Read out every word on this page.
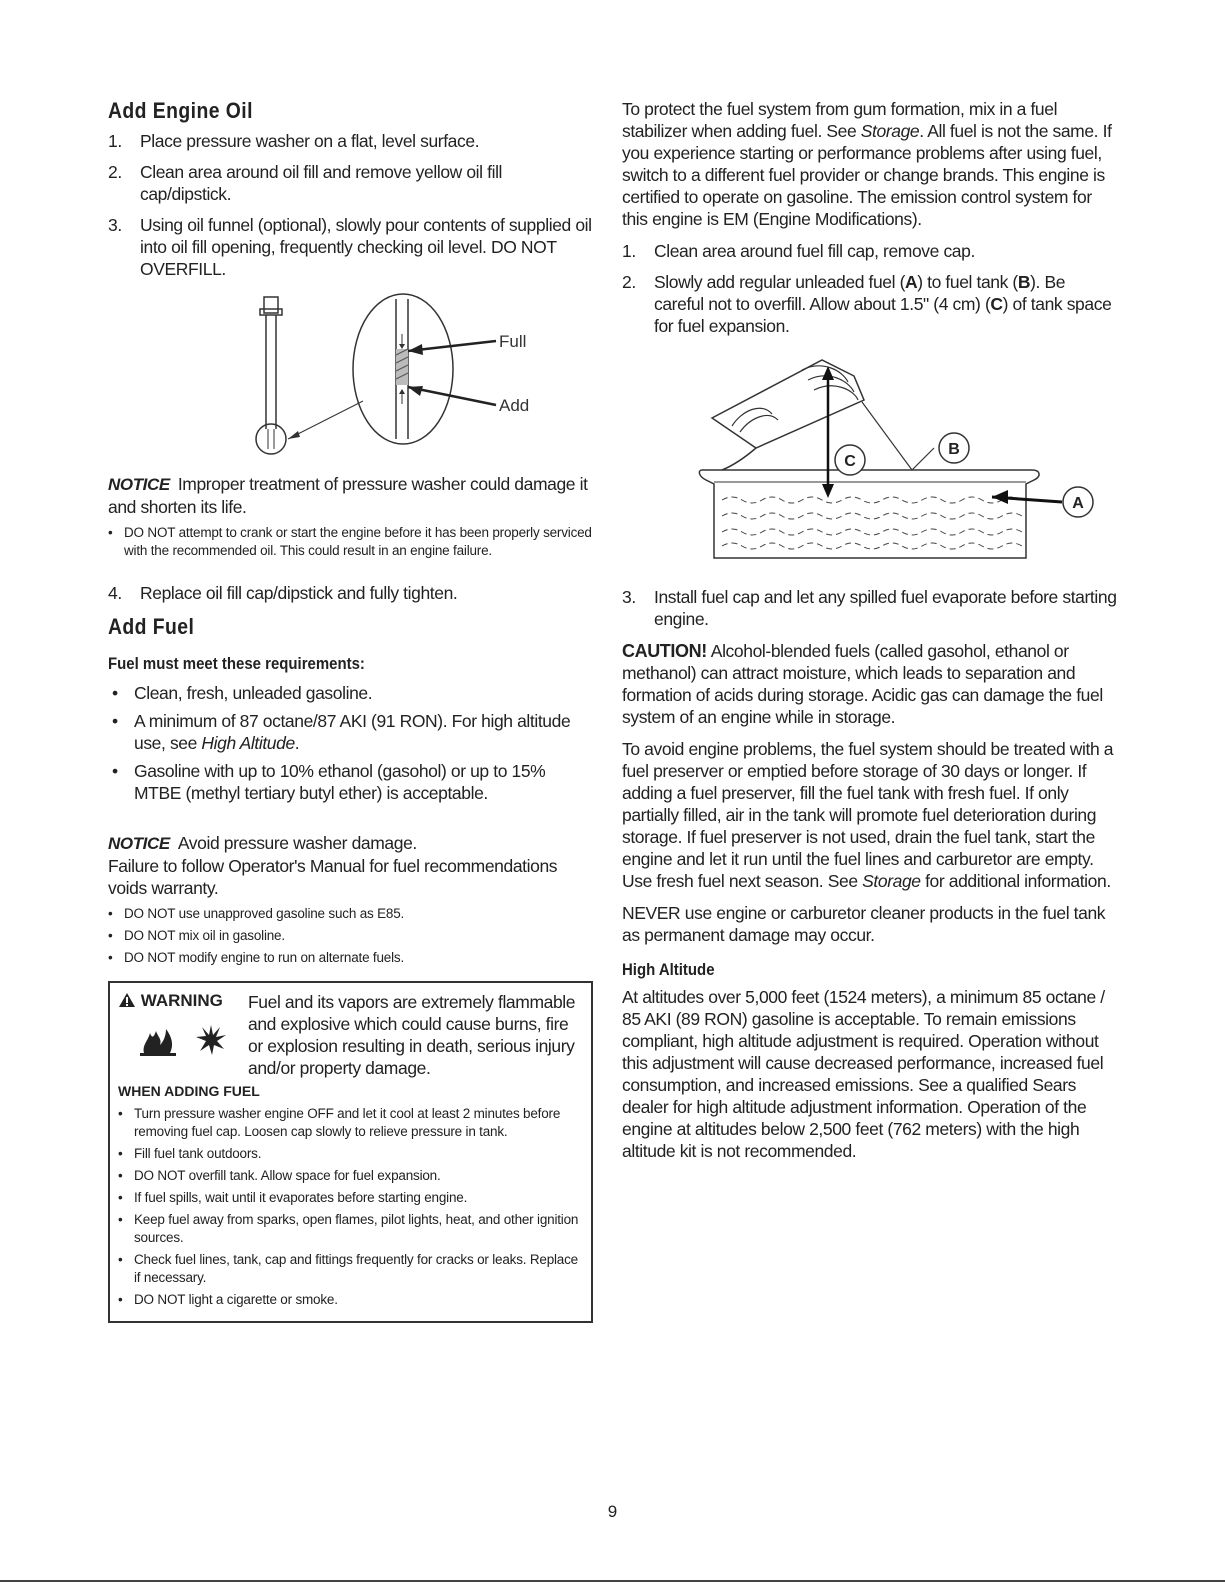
Add Engine Oil
1.	Place pressure washer on a flat, level surface.
2.	Clean area around oil fill and remove yellow oil fill cap/dipstick.
3.	Using oil funnel (optional), slowly pour contents of supplied oil into oil fill opening, frequently checking oil level. DO NOT OVERFILL.
Full
Add
NOTICE Improper treatment of pressure washer could damage it and shorten its life.
• DO NOT attempt to crank or start the engine before it has been properly serviced with the recommended oil. This could result in an engine failure.
4.	Replace oil fill cap/dipstick and fully tighten.
Add Fuel
Fuel must meet these requirements:
• Clean, fresh, unleaded gasoline.
• A minimum of 87 octane/87 AKI (91 RON). For high altitude use, see High Altitude.
• Gasoline with up to 10% ethanol (gasohol) or up to 15% MTBE (methyl tertiary butyl ether) is acceptable.
NOTICE Avoid pressure washer damage.
Failure to follow Operator's Manual for fuel recommendations voids warranty.
• DO NOT use unapproved gasoline such as E85.
• DO NOT mix oil in gasoline.
• DO NOT modify engine to run on alternate fuels.
WARNING	Fuel and its vapors are extremely flammable and explosive which could cause burns, fire or explosion resulting in death, serious injury and/or property damage.
WHEN ADDING FUEL
• Turn pressure washer engine OFF and let it cool at least 2 minutes before removing fuel cap. Loosen cap slowly to relieve pressure in tank.
• Fill fuel tank outdoors.
• DO NOT overfill tank. Allow space for fuel expansion.
• If fuel spills, wait until it evaporates before starting engine.
• Keep fuel away from sparks, open flames, pilot lights, heat, and other ignition sources.
• Check fuel lines, tank, cap and fittings frequently for cracks or leaks. Replace if necessary.
• DO NOT light a cigarette or smoke.

To protect the fuel system from gum formation, mix in a fuel stabilizer when adding fuel. See Storage. All fuel is not the same. If you experience starting or performance problems after using fuel, switch to a different fuel provider or change brands. This engine is certified to operate on gasoline. The emission control system for this engine is EM (Engine Modifications).

1.	Clean area around fuel fill cap, remove cap.
2.	Slowly add regular unleaded fuel (A) to fuel tank (B). Be careful not to overfill. Allow about 1.5" (4 cm) (C) of tank space for fuel expansion.
C
B
A
3.	Install fuel cap and let any spilled fuel evaporate before starting engine.

CAUTION! Alcohol-blended fuels (called gasohol, ethanol or methanol) can attract moisture, which leads to separation and formation of acids during storage. Acidic gas can damage the fuel system of an engine while in storage.

To avoid engine problems, the fuel system should be treated with a fuel preserver or emptied before storage of 30 days or longer. If adding a fuel preserver, fill the fuel tank with fresh fuel. If only partially filled, air in the tank will promote fuel deterioration during storage. If fuel preserver is not used, drain the fuel tank, start the engine and let it run until the fuel lines and carburetor are empty. Use fresh fuel next season. See Storage for additional information.

NEVER use engine or carburetor cleaner products in the fuel tank as permanent damage may occur.

High Altitude

At altitudes over 5,000 feet (1524 meters), a minimum 85 octane / 85 AKI (89 RON) gasoline is acceptable. To remain emissions compliant, high altitude adjustment is required. Operation without this adjustment will cause decreased performance, increased fuel consumption, and increased emissions. See a qualified Sears dealer for high altitude adjustment information. Operation of the engine at altitudes below 2,500 feet (762 meters) with the high altitude kit is not recommended.

9
